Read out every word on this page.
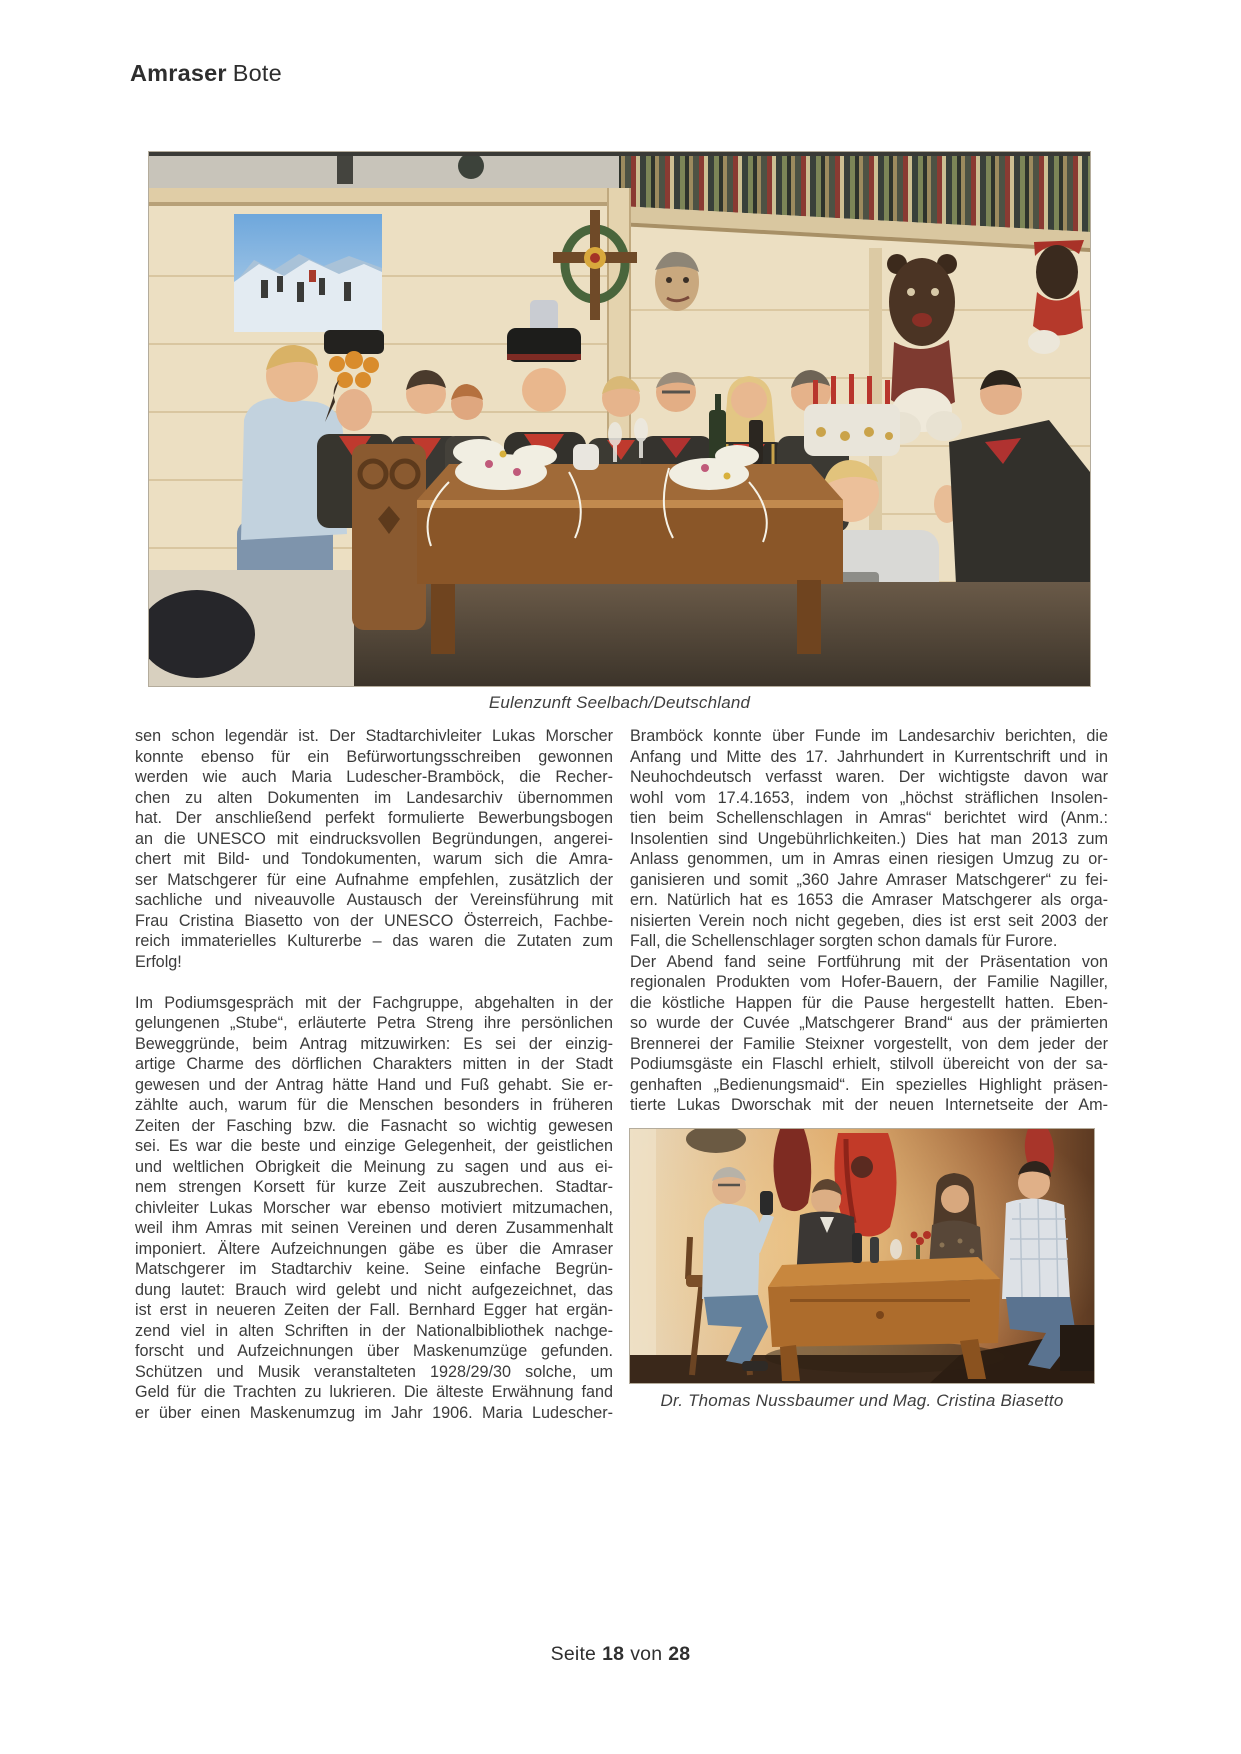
Amraser Bote
Eulenzunft Seelbach/Deutschland
sen schon legendär ist. Der Stadtarchivleiter Lukas Morscher
konnte ebenso für ein Befürwortungsschreiben gewonnen
werden wie auch Maria Ludescher-Bramböck, die Recher-
chen zu alten Dokumenten im Landesarchiv übernommen
hat. Der anschließend perfekt formulierte Bewerbungsbogen
an die UNESCO mit eindrucksvollen Begründungen, angerei-
chert mit Bild- und Tondokumenten, warum sich die Amra-
ser Matschgerer für eine Aufnahme empfehlen, zusätzlich der
sachliche und niveauvolle Austausch der Vereinsführung mit
Frau Cristina Biasetto von der UNESCO Österreich, Fachbe-
reich immaterielles Kulturerbe – das waren die Zutaten zum
Erfolg!
Im Podiumsgespräch mit der Fachgruppe, abgehalten in der
gelungenen „Stube“, erläuterte Petra Streng ihre persönlichen
Beweggründe, beim Antrag mitzuwirken: Es sei der einzig-
artige Charme des dörflichen Charakters mitten in der Stadt
gewesen und der Antrag hätte Hand und Fuß gehabt. Sie er-
zählte auch, warum für die Menschen besonders in früheren
Zeiten der Fasching bzw. die Fasnacht so wichtig gewesen
sei. Es war die beste und einzige Gelegenheit, der geistlichen
und weltlichen Obrigkeit die Meinung zu sagen und aus ei-
nem strengen Korsett für kurze Zeit auszubrechen. Stadtar-
chivleiter Lukas Morscher war ebenso motiviert mitzumachen,
weil ihm Amras mit seinen Vereinen und deren Zusammenhalt
imponiert. Ältere Aufzeichnungen gäbe es über die Amraser
Matschgerer im Stadtarchiv keine. Seine einfache Begrün-
dung lautet: Brauch wird gelebt und nicht aufgezeichnet, das
ist erst in neueren Zeiten der Fall. Bernhard Egger hat ergän-
zend viel in alten Schriften in der Nationalbibliothek nachge-
forscht und Aufzeichnungen über Maskenumzüge gefunden.
Schützen und Musik veranstalteten 1928/29/30 solche, um
Geld für die Trachten zu lukrieren. Die älteste Erwähnung fand
er über einen Maskenumzug im Jahr 1906. Maria Ludescher-
Bramböck konnte über Funde im Landesarchiv berichten, die
Anfang und Mitte des 17. Jahrhundert in Kurrentschrift und in
Neuhochdeutsch verfasst waren. Der wichtigste davon war
wohl vom 17.4.1653, indem von „höchst sträflichen Insolen-
tien beim Schellenschlagen in Amras“ berichtet wird (Anm.:
Insolentien sind Ungebührlichkeiten.) Dies hat man 2013 zum
Anlass genommen, um in Amras einen riesigen Umzug zu or-
ganisieren und somit „360 Jahre Amraser Matschgerer“ zu fei-
ern. Natürlich hat es 1653 die Amraser Matschgerer als orga-
nisierten Verein noch nicht gegeben, dies ist erst seit 2003 der
Fall, die Schellenschlager sorgten schon damals für Furore.
Der Abend fand seine Fortführung mit der Präsentation von
regionalen Produkten vom Hofer-Bauern, der Familie Nagiller,
die köstliche Happen für die Pause hergestellt hatten. Eben-
so wurde der Cuvée „Matschgerer Brand“ aus der prämierten
Brennerei der Familie Steixner vorgestellt, von dem jeder der
Podiumsgäste ein Flaschl erhielt, stilvoll übereicht von der sa-
genhaften „Bedienungsmaid“. Ein spezielles Highlight präsen-
tierte Lukas Dworschak mit der neuen Internetseite der Am-
Dr. Thomas Nussbaumer und Mag. Cristina Biasetto
Seite 18 von 28
